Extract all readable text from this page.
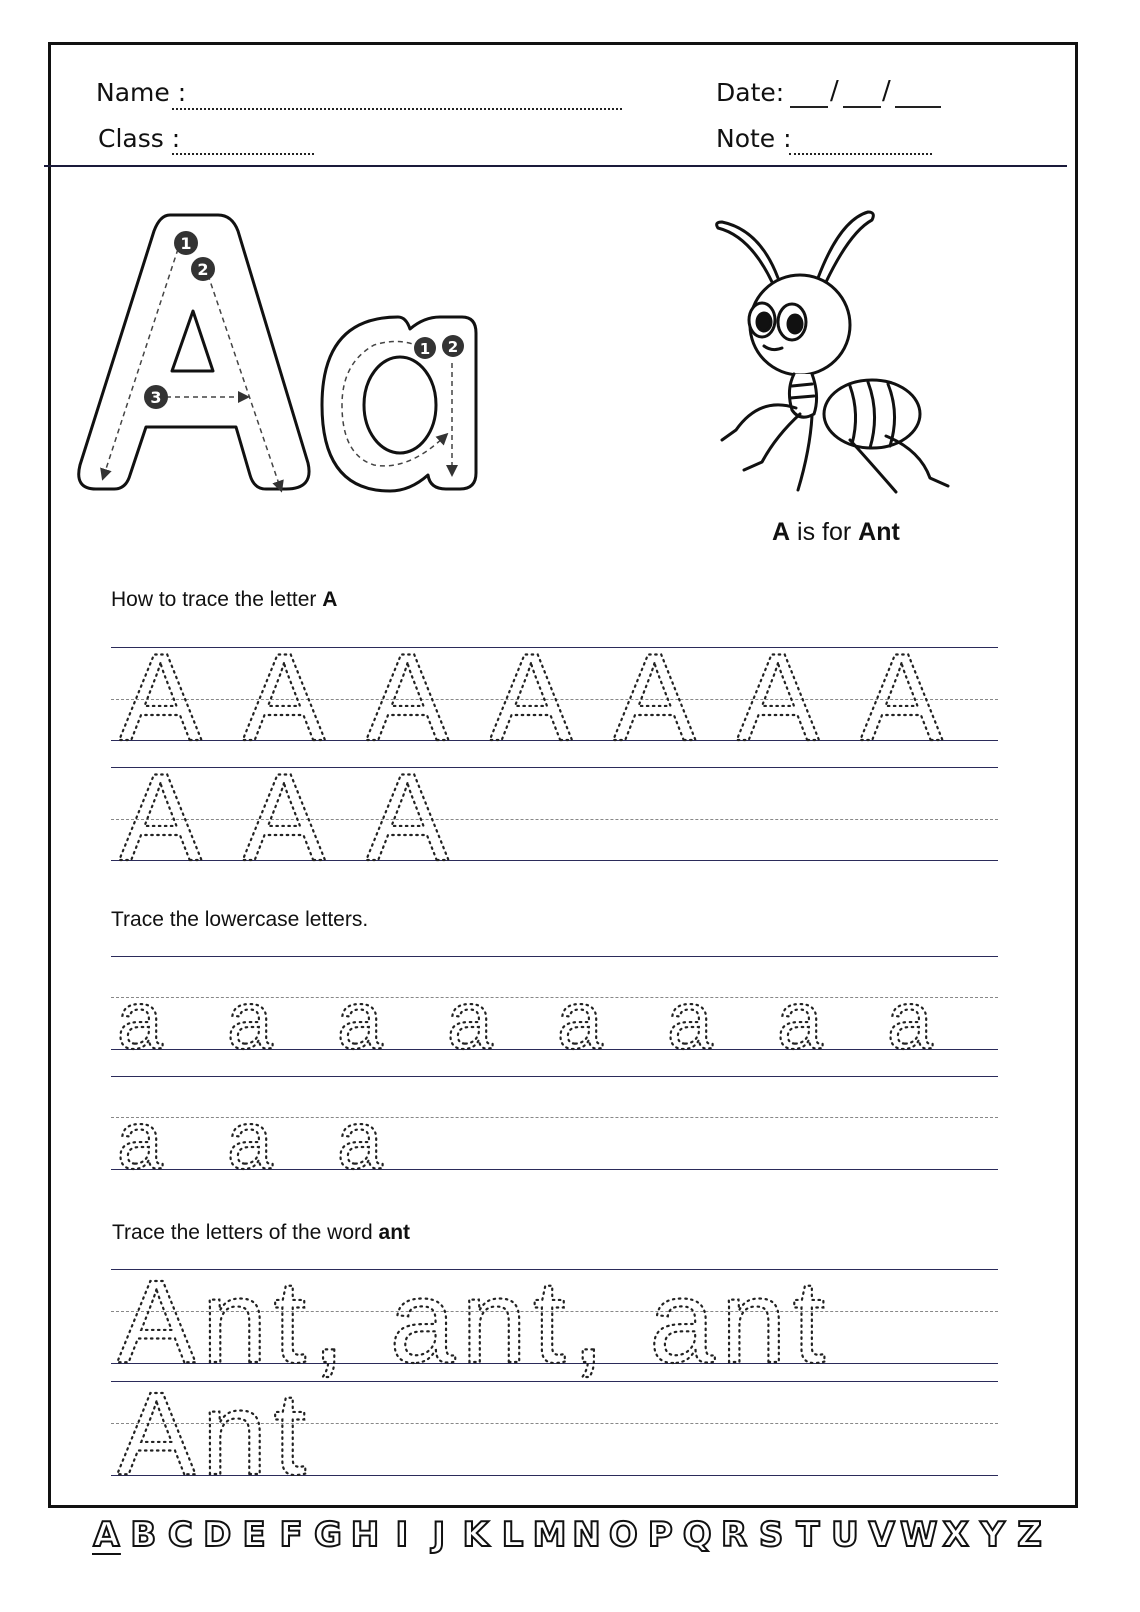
Name :
Class :
Date: / /
Note :
1
2
3
1 2
A is for Ant
How to trace the letter A
A A A A A A A
A A A
Trace the lowercase letters.
a a a a a a a a
a a a
Trace the letters of the word ant
Ant, ant, ant
Ant
A B C D E F G H I J K L M N O P Q R S T U V W X Y Z
